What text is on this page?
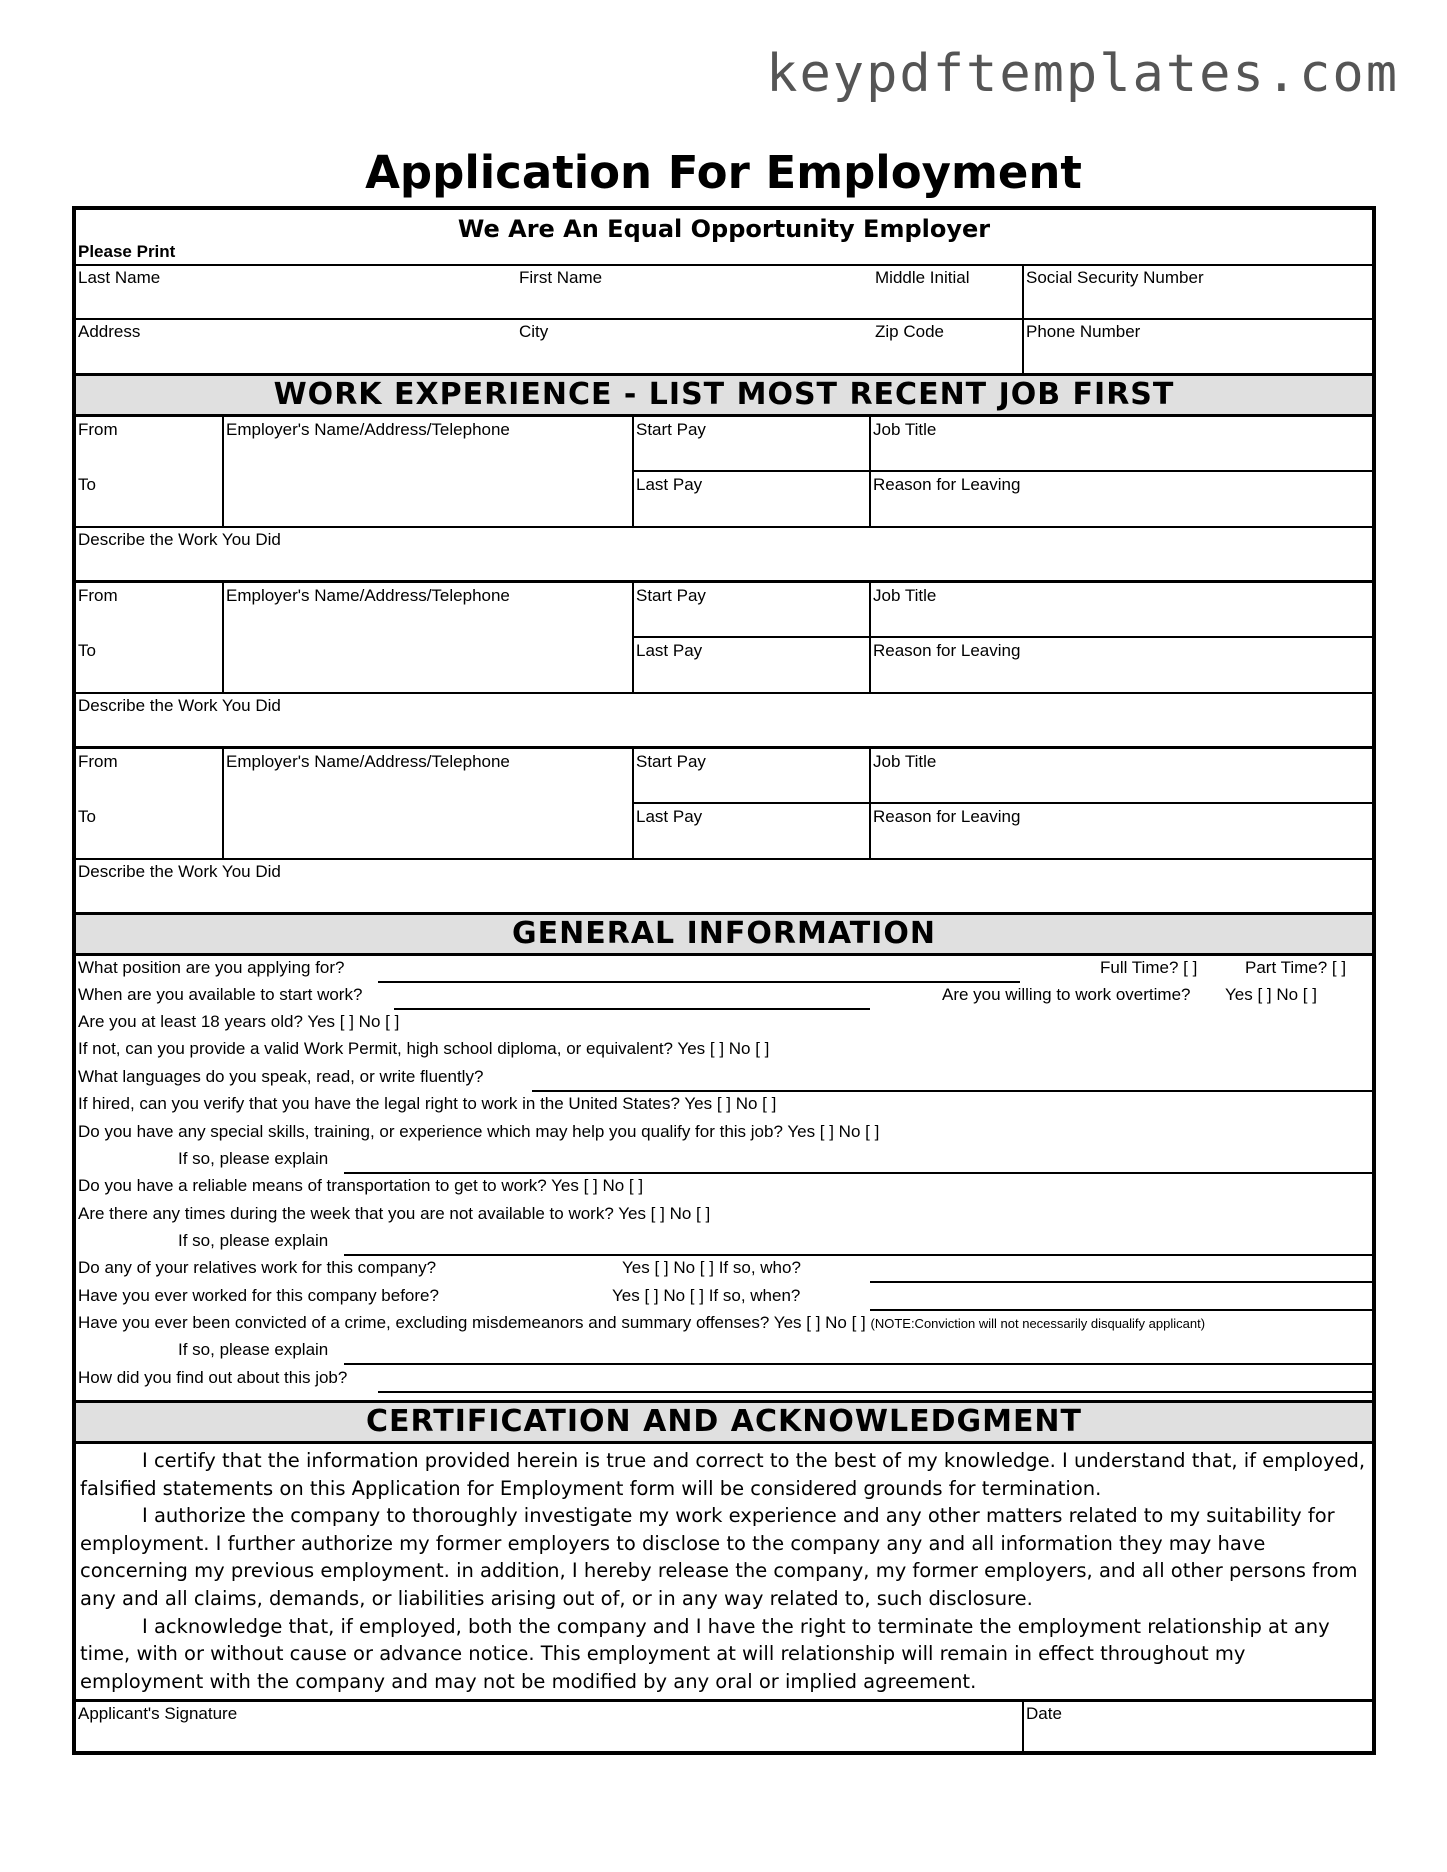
keypdftemplates.com
Application For Employment
We Are An Equal Opportunity Employer
Please Print
Last Name	First Name	Middle Initial	Social Security Number
Address	City	Zip Code	Phone Number
WORK EXPERIENCE - LIST MOST RECENT JOB FIRST
From
To
Employer's Name/Address/Telephone	Start Pay	Job Title
Last Pay	Reason for Leaving
Describe the Work You Did
From
To
Employer's Name/Address/Telephone	Start Pay	Job Title
Last Pay	Reason for Leaving
Describe the Work You Did
From
To
Employer's Name/Address/Telephone	Start Pay	Job Title
Last Pay	Reason for Leaving
Describe the Work You Did
GENERAL INFORMATION
What position are you applying for?	Full Time? [ ]	Part Time? [ ]
When are you available to start work?	Are you willing to work overtime? Yes [ ] No [ ]
Are you at least 18 years old? Yes [ ] No [ ]
If not, can you provide a valid Work Permit, high school diploma, or equivalent? Yes [ ] No [ ]
What languages do you speak, read, or write fluently?
If hired, can you verify that you have the legal right to work in the United States? Yes [ ] No [ ]
Do you have any special skills, training, or experience which may help you qualify for this job? Yes [ ] No [ ]
If so, please explain
Do you have a reliable means of transportation to get to work? Yes [ ] No [ ]
Are there any times during the week that you are not available to work? Yes [ ] No [ ]
If so, please explain
Do any of your relatives work for this company?	Yes [ ] No [ ] If so, who?
Have you ever worked for this company before?	Yes [ ] No [ ] If so, when?
Have you ever been convicted of a crime, excluding misdemeanors and summary offenses? Yes [ ] No [ ] (NOTE:Conviction will not necessarily disqualify applicant)
If so, please explain
How did you find out about this job?
CERTIFICATION AND ACKNOWLEDGMENT

I certify that the information provided herein is true and correct to the best of my knowledge. I understand that, if employed, falsified statements on this Application for Employment form will be considered grounds for termination.

I authorize the company to thoroughly investigate my work experience and any other matters related to my suitability for employment. I further authorize my former employers to disclose to the company any and all information they may have concerning my previous employment. in addition, I hereby release the company, my former employers, and all other persons from any and all claims, demands, or liabilities arising out of, or in any way related to, such disclosure.

I acknowledge that, if employed, both the company and I have the right to terminate the employment relationship at any time, with or without cause or advance notice. This employment at will relationship will remain in effect throughout my employment with the company and may not be modified by any oral or implied agreement.

Applicant's Signature	Date
